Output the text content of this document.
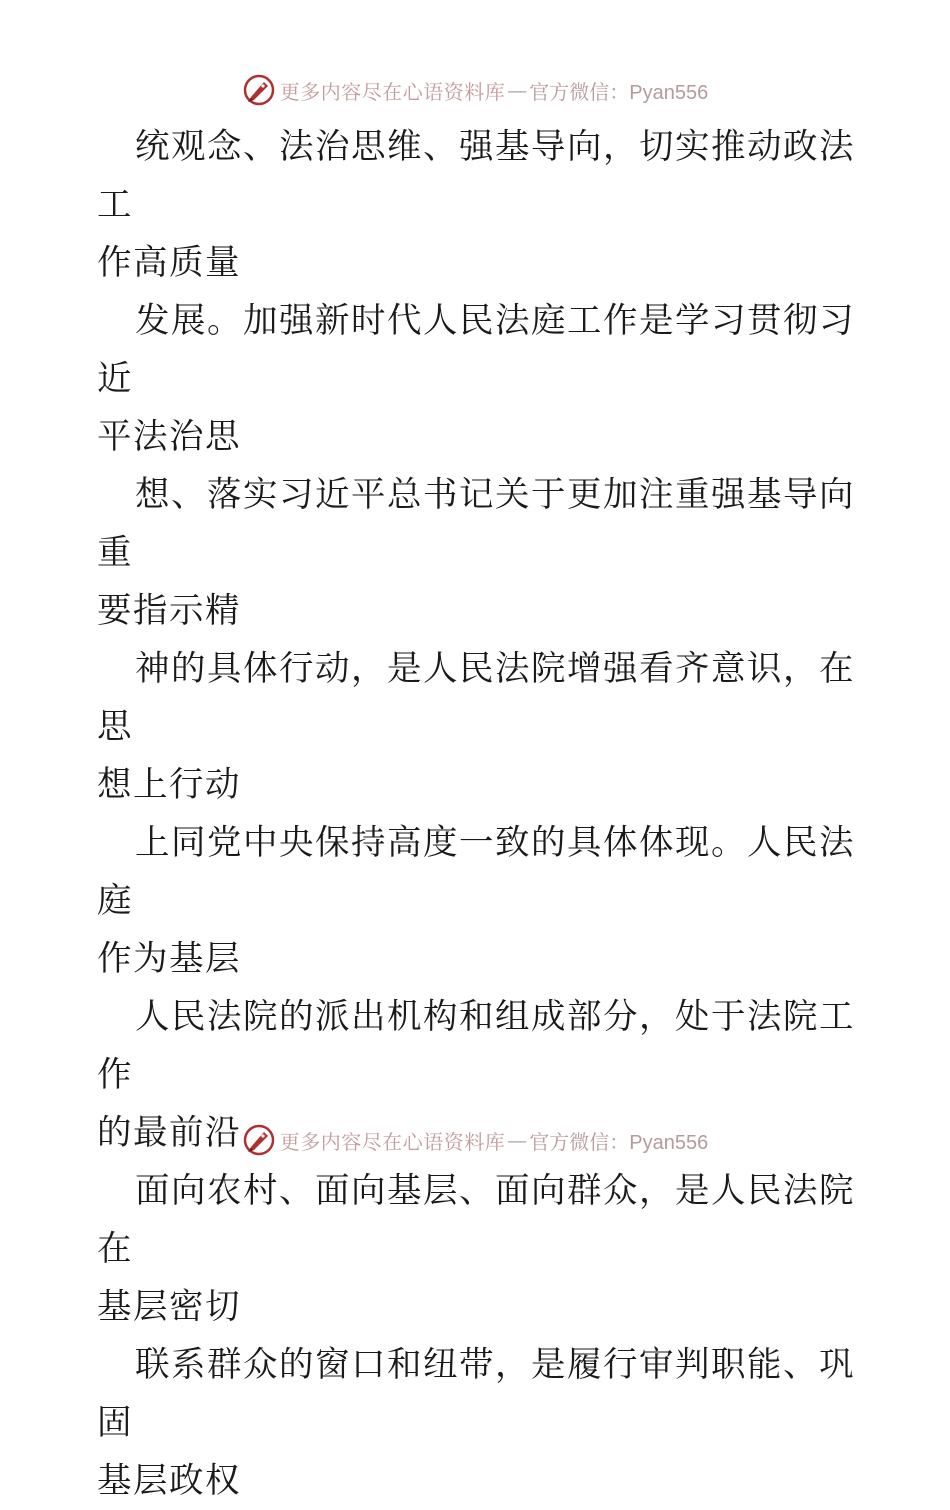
更多内容尽在心语资料库 — 官方微信：Pyan556

统观念、法治思维、强基导向，切实推动政法工
作高质量

发展。加强新时代人民法庭工作是学习贯彻习近
平法治思

想、落实习近平总书记关于更加注重强基导向重
要指示精

神的具体行动，是人民法院增强看齐意识，在思
想上行动

上同党中央保持高度一致的具体体现。人民法庭
作为基层

人民法院的派出机构和组成部分，处于法院工作
的最前沿

面向农村、面向基层、面向群众，是人民法院在
基层密切

联系群众的窗口和纽带，是履行审判职能、巩固
基层政权

更多内容尽在心语资料库 — 官方微信：Pyan556
